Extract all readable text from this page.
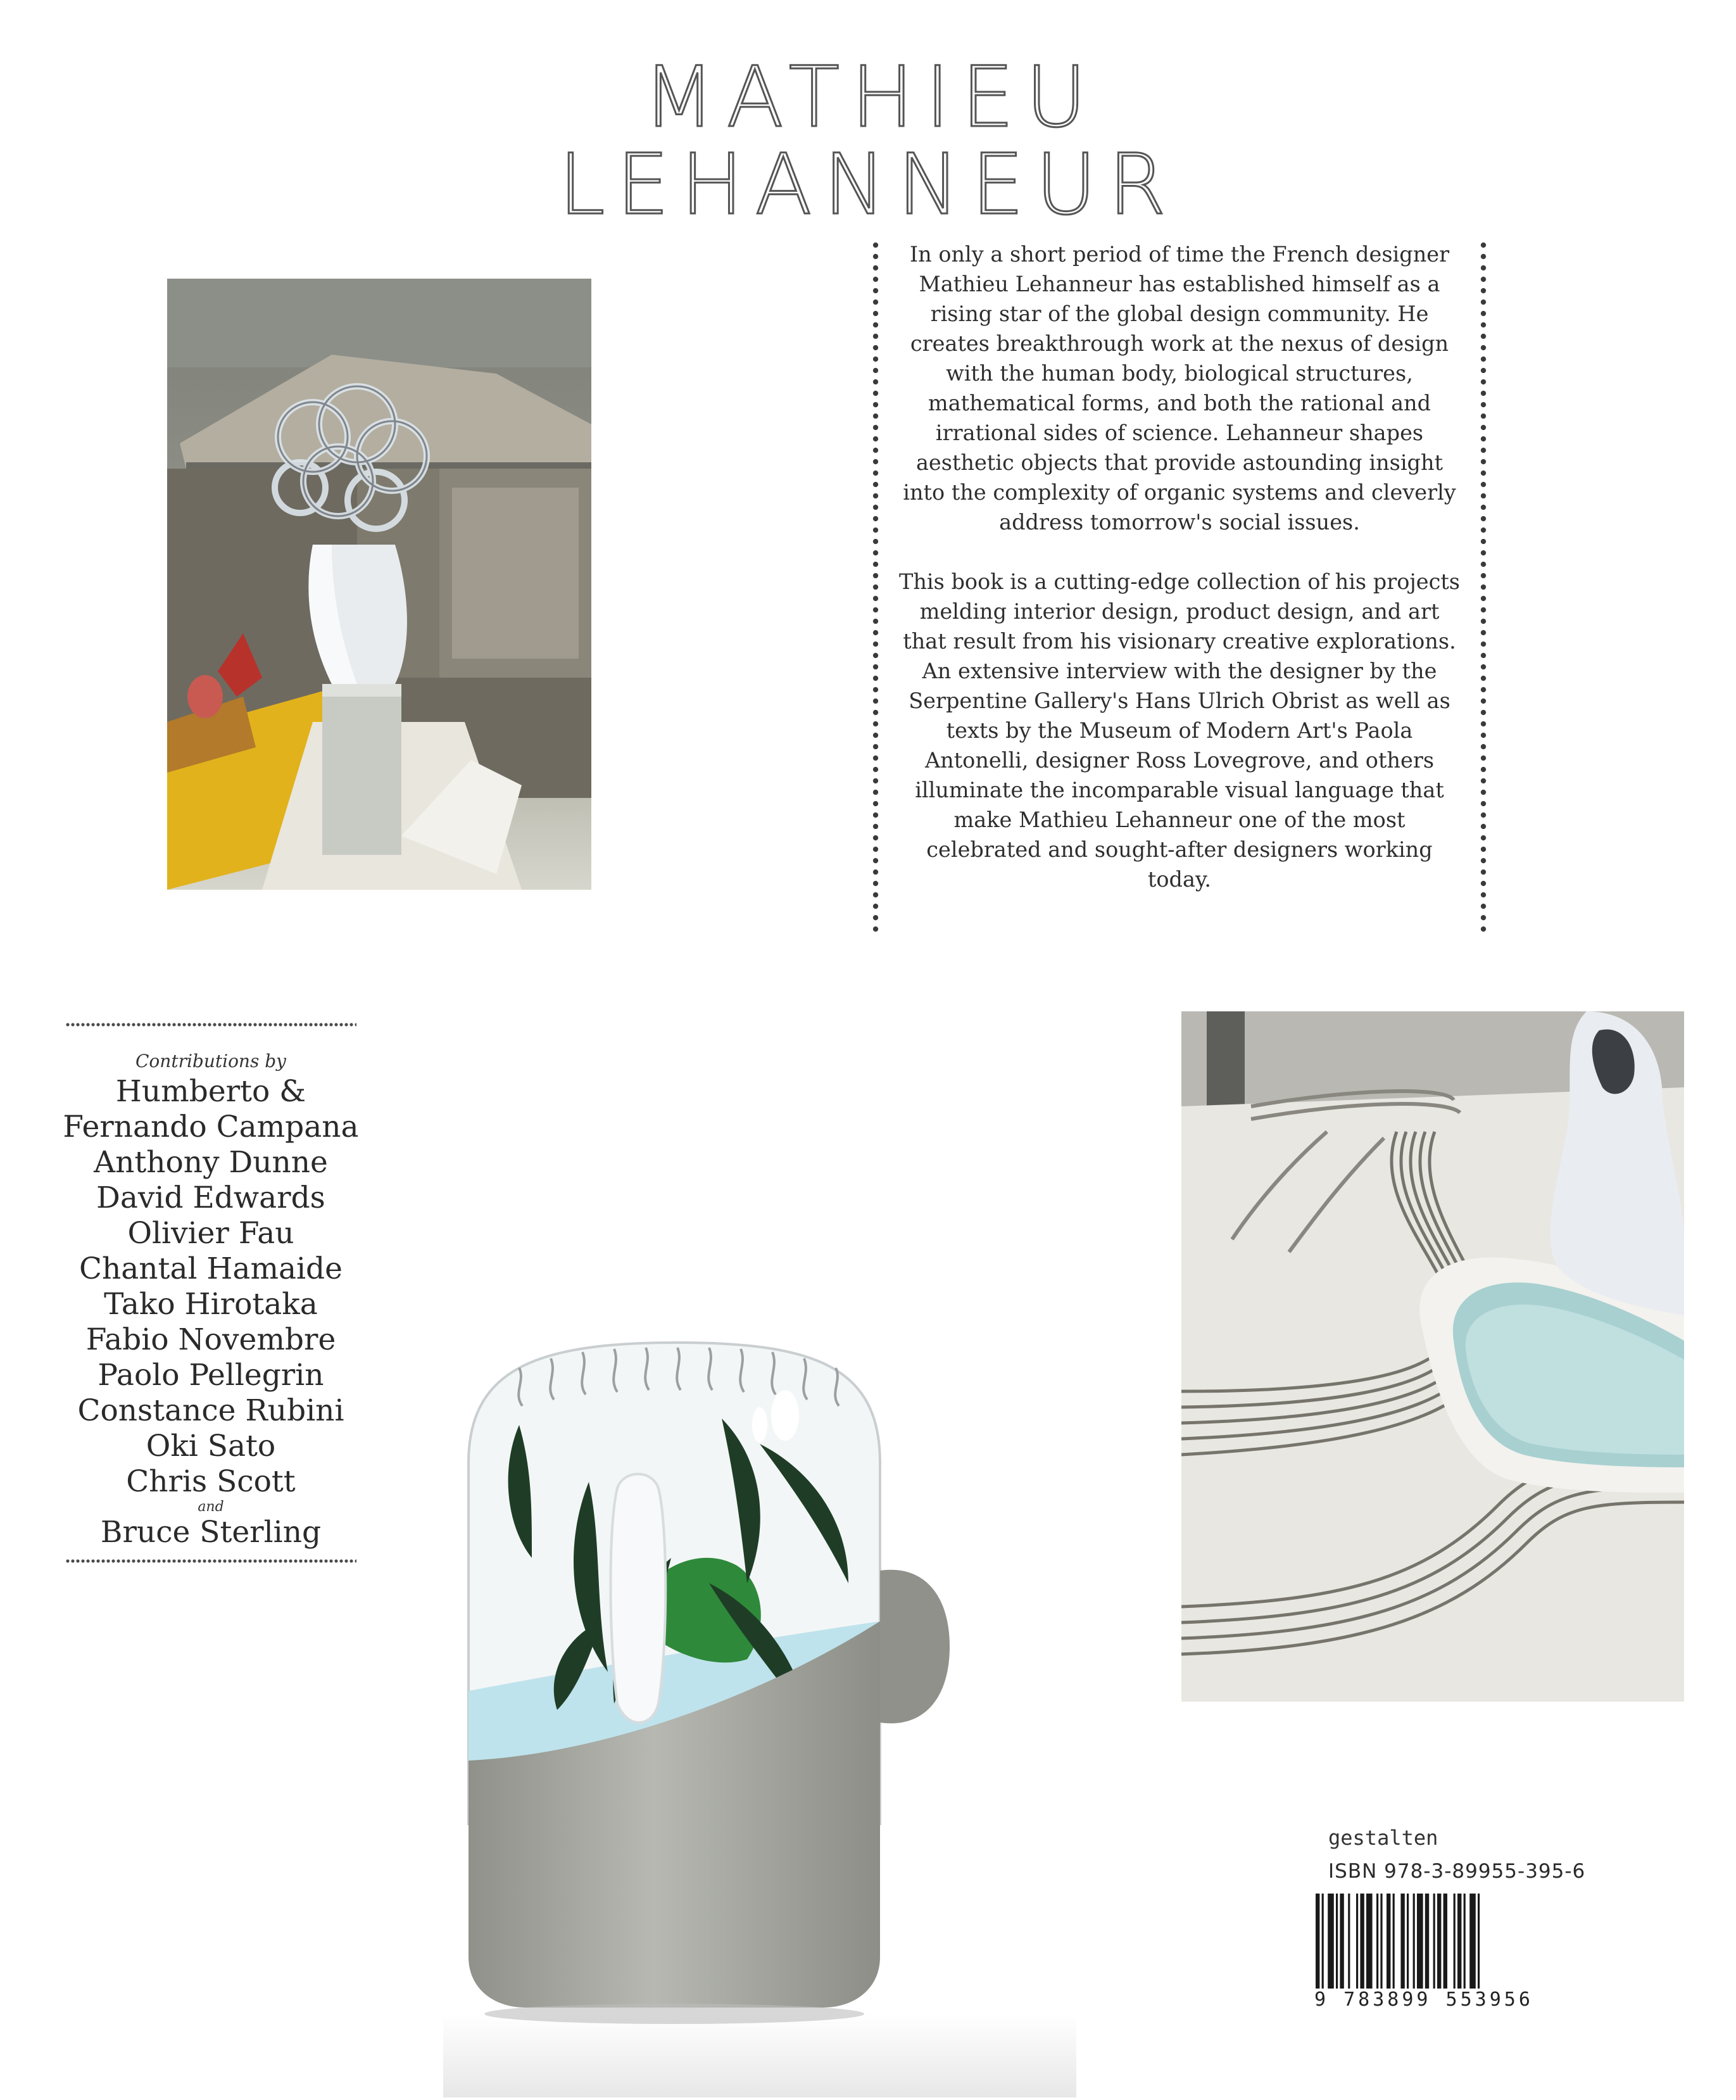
MATHIEU
LEHANNEUR

In only a short period of time the French designer Mathieu Lehanneur has established himself as a rising star of the global design community. He creates breakthrough work at the nexus of design with the human body, biological structures, mathematical forms, and both the rational and irrational sides of science. Lehanneur shapes aesthetic objects that provide astounding insight into the complexity of organic systems and cleverly address tomorrow's social issues.

This book is a cutting-edge collection of his projects melding interior design, product design, and art that result from his visionary creative explorations. An extensive interview with the designer by the Serpentine Gallery's Hans Ulrich Obrist as well as texts by the Museum of Modern Art's Paola Antonelli, designer Ross Lovegrove, and others illuminate the incomparable visual language that make Mathieu Lehanneur one of the most celebrated and sought-after designers working today.

Contributions by
Humberto &
Fernando Campana
Anthony Dunne
David Edwards
Olivier Fau
Chantal Hamaide
Tako Hirotaka
Fabio Novembre
Paolo Pellegrin
Constance Rubini
Oki Sato
Chris Scott
and
Bruce Sterling
gestalten
ISBN 978-3-89955-395-6
9 783899 553956
